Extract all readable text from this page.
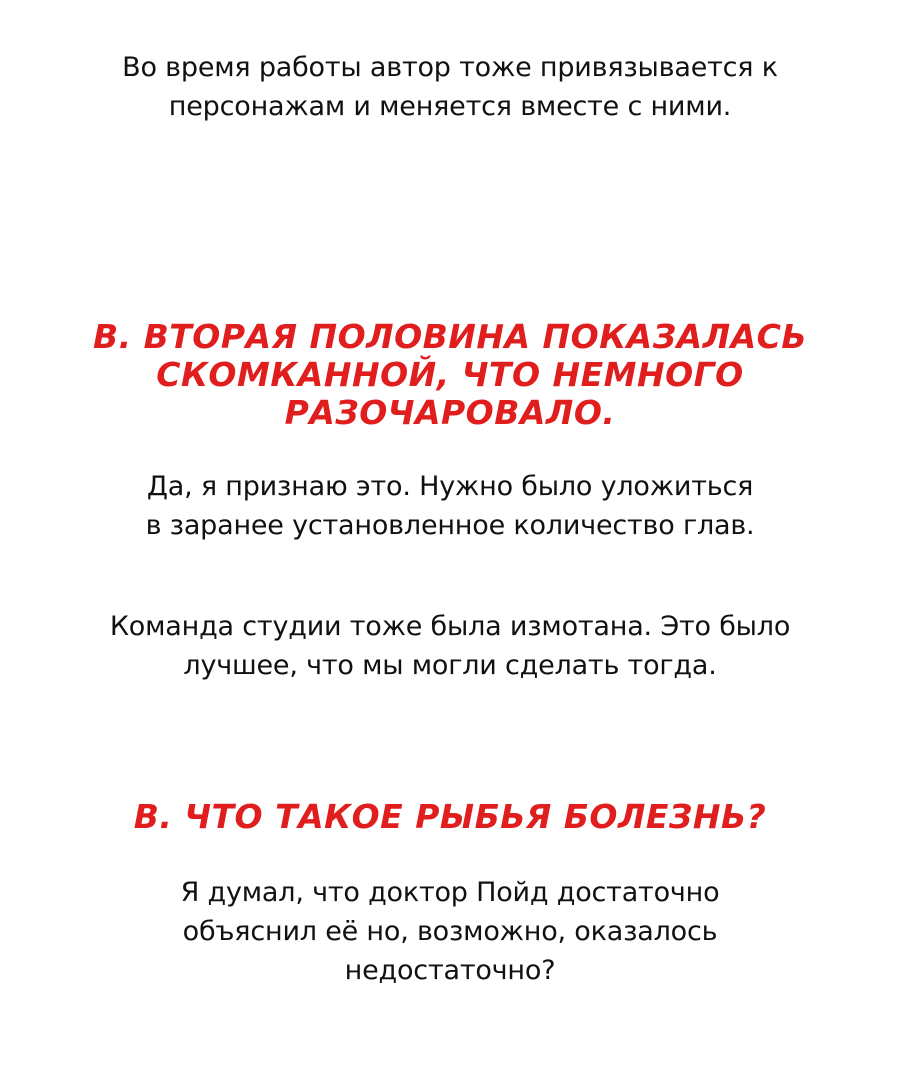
Во время работы автор тоже привязывается к
персонажам и меняется вместе с ними.
В. ВТОРАЯ ПОЛОВИНА ПОКАЗАЛАСЬ
СКОМКАННОЙ, ЧТО НЕМНОГО
РАЗОЧАРОВАЛО.
Да, я признаю это. Нужно было уложиться
в заранее установленное количество глав.
Команда студии тоже была измотана. Это было
лучшее, что мы могли сделать тогда.
В. ЧТО ТАКОЕ РЫБЬЯ БОЛЕЗНЬ?
Я думал, что доктор Пойд достаточно
объяснил её но, возможно, оказалось
недостаточно?
